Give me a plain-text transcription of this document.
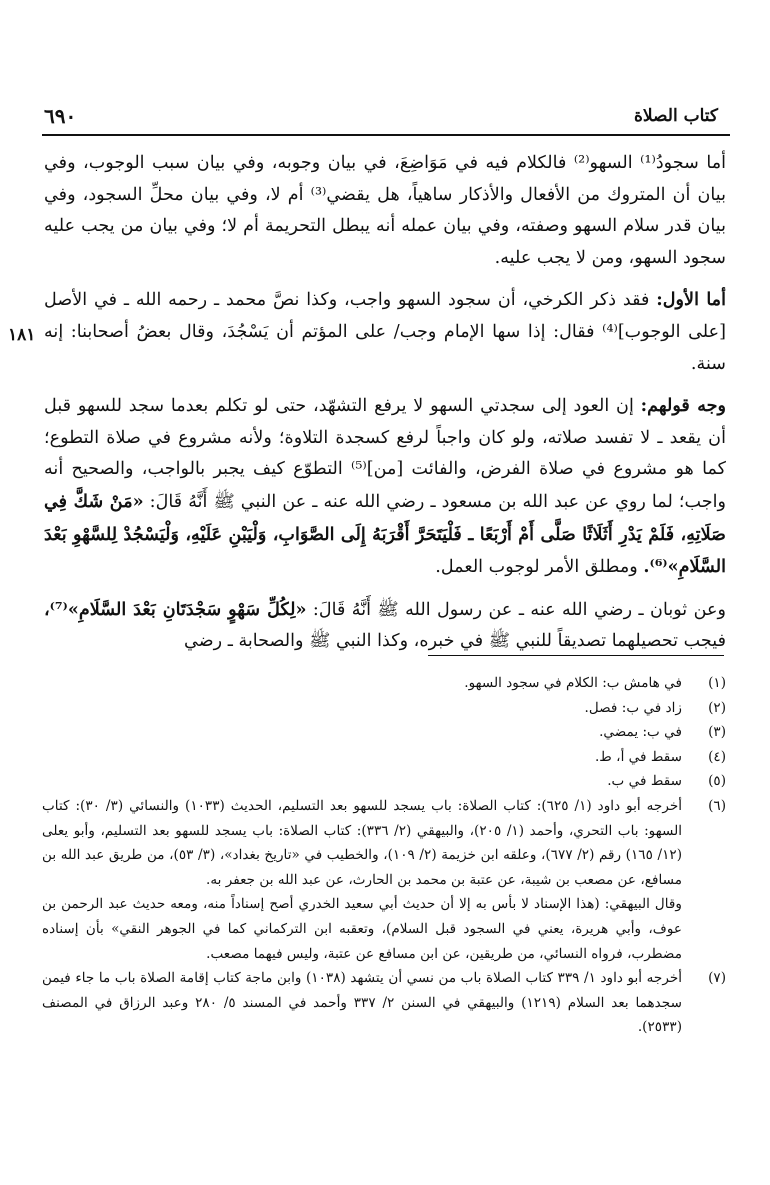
كتاب الصلاة
٦٩٠
١٨١

أما سجودُ⁽¹⁾ السهو⁽²⁾ فالكلام فيه في مَوَاضِعَ، في بيان وجوبه، وفي بيان سبب الوجوب، وفي بيان أن المتروك من الأفعال والأذكار ساهياً، هل يقضي⁽³⁾ أم لا، وفي بيان محلِّ السجود، وفي بيان قدر سلام السهو وصفته، وفي بيان عمله أنه يبطل التحريمة أم لا؛ وفي بيان من يجب عليه سجود السهو، ومن لا يجب عليه.

أما الأول: فقد ذكر الكرخي، أن سجود السهو واجب، وكذا نصَّ محمد ـ رحمه الله ـ في الأصل [على الوجوب]⁽⁴⁾ فقال: إذا سها الإمام وجب/ على المؤتم أن يَسْجُدَ، وقال بعضُ أصحابنا: إنه سنة.

وجه قولهم: إن العود إلى سجدتي السهو لا يرفع التشهّد، حتى لو تكلم بعدما سجد للسهو قبل أن يقعد ـ لا تفسد صلاته، ولو كان واجباً لرفع كسجدة التلاوة؛ ولأنه مشروع في صلاة التطوع؛ كما هو مشروع في صلاة الفرض، والفائت [من]⁽⁵⁾ التطوّع كيف يجبر بالواجب، والصحيح أنه واجب؛ لما روي عن عبد الله بن مسعود ـ رضي الله عنه ـ عن النبي ﷺ أَنَّهُ قَالَ: «مَنْ شَكَّ فِي صَلَاتِهِ، فَلَمْ يَدْرِ أَثَلَاثًا صَلَّى أَمْ أَرْبَعًا ـ فَلْيَتَحَرَّ أَقْرَبَهُ إِلَى الصَّوَابِ، وَلْيَبْنِ عَلَيْهِ، وَلْيَسْجُدْ لِلسَّهْوِ بَعْدَ السَّلَامِ»⁽⁶⁾. ومطلق الأمر لوجوب العمل.

وعن ثوبان ـ رضي الله عنه ـ عن رسول الله ﷺ أَنَّهُ قَالَ: «لِكُلِّ سَهْوٍ سَجْدَتَانِ بَعْدَ السَّلَامِ»⁽⁷⁾، فيجب تحصيلهما تصديقاً للنبي ﷺ في خبره، وكذا النبي ﷺ والصحابة ـ رضي

(١)

في هامش ب: الكلام في سجود السهو.

(٢)

زاد في ب: فصل.

(٣)

في ب: يمضي.

(٤)

سقط في أ، ط.

(٥)

سقط في ب.

(٦)

أخرجه أبو داود (١/ ٦٢٥): كتاب الصلاة: باب يسجد للسهو بعد التسليم، الحديث (١٠٣٣) والنسائي (٣/ ٣٠): كتاب السهو: باب التحري، وأحمد (١/ ٢٠٥)، والبيهقي (٢/ ٣٣٦): كتاب الصلاة: باب يسجد للسهو بعد التسليم، وأبو يعلى (١٢/ ١٦٥) رقم (٢/ ٦٧٧)، وعلقه ابن خزيمة (٢/ ١٠٩)، والخطيب في «تاريخ بغداد»، (٣/ ٥٣)، من طريق عبد الله بن مسافع، عن مصعب بن شيبة، عن عتبة بن محمد بن الحارث، عن عبد الله بن جعفر به.

وقال البيهقي: (هذا الإسناد لا بأس به إلا أن حديث أبي سعيد الخدري أصح إسناداً منه، ومعه حديث عبد الرحمن بن عوف، وأبي هريرة، يعني في السجود قبل السلام)، وتعقبه ابن التركماني كما في الجوهر النقي» بأن إسناده مضطرب، فرواه النسائي، من طريقين، عن ابن مسافع عن عتبة، وليس فيهما مصعب.

(٧)

أخرجه أبو داود ١/ ٣٣٩ كتاب الصلاة باب من نسي أن يتشهد (١٠٣٨) وابن ماجة كتاب إقامة الصلاة باب ما جاء فيمن سجدهما بعد السلام (١٢١٩) والبيهقي في السنن ٢/ ٣٣٧ وأحمد في المسند ٥/ ٢٨٠ وعبد الرزاق في المصنف (٢٥٣٣).
